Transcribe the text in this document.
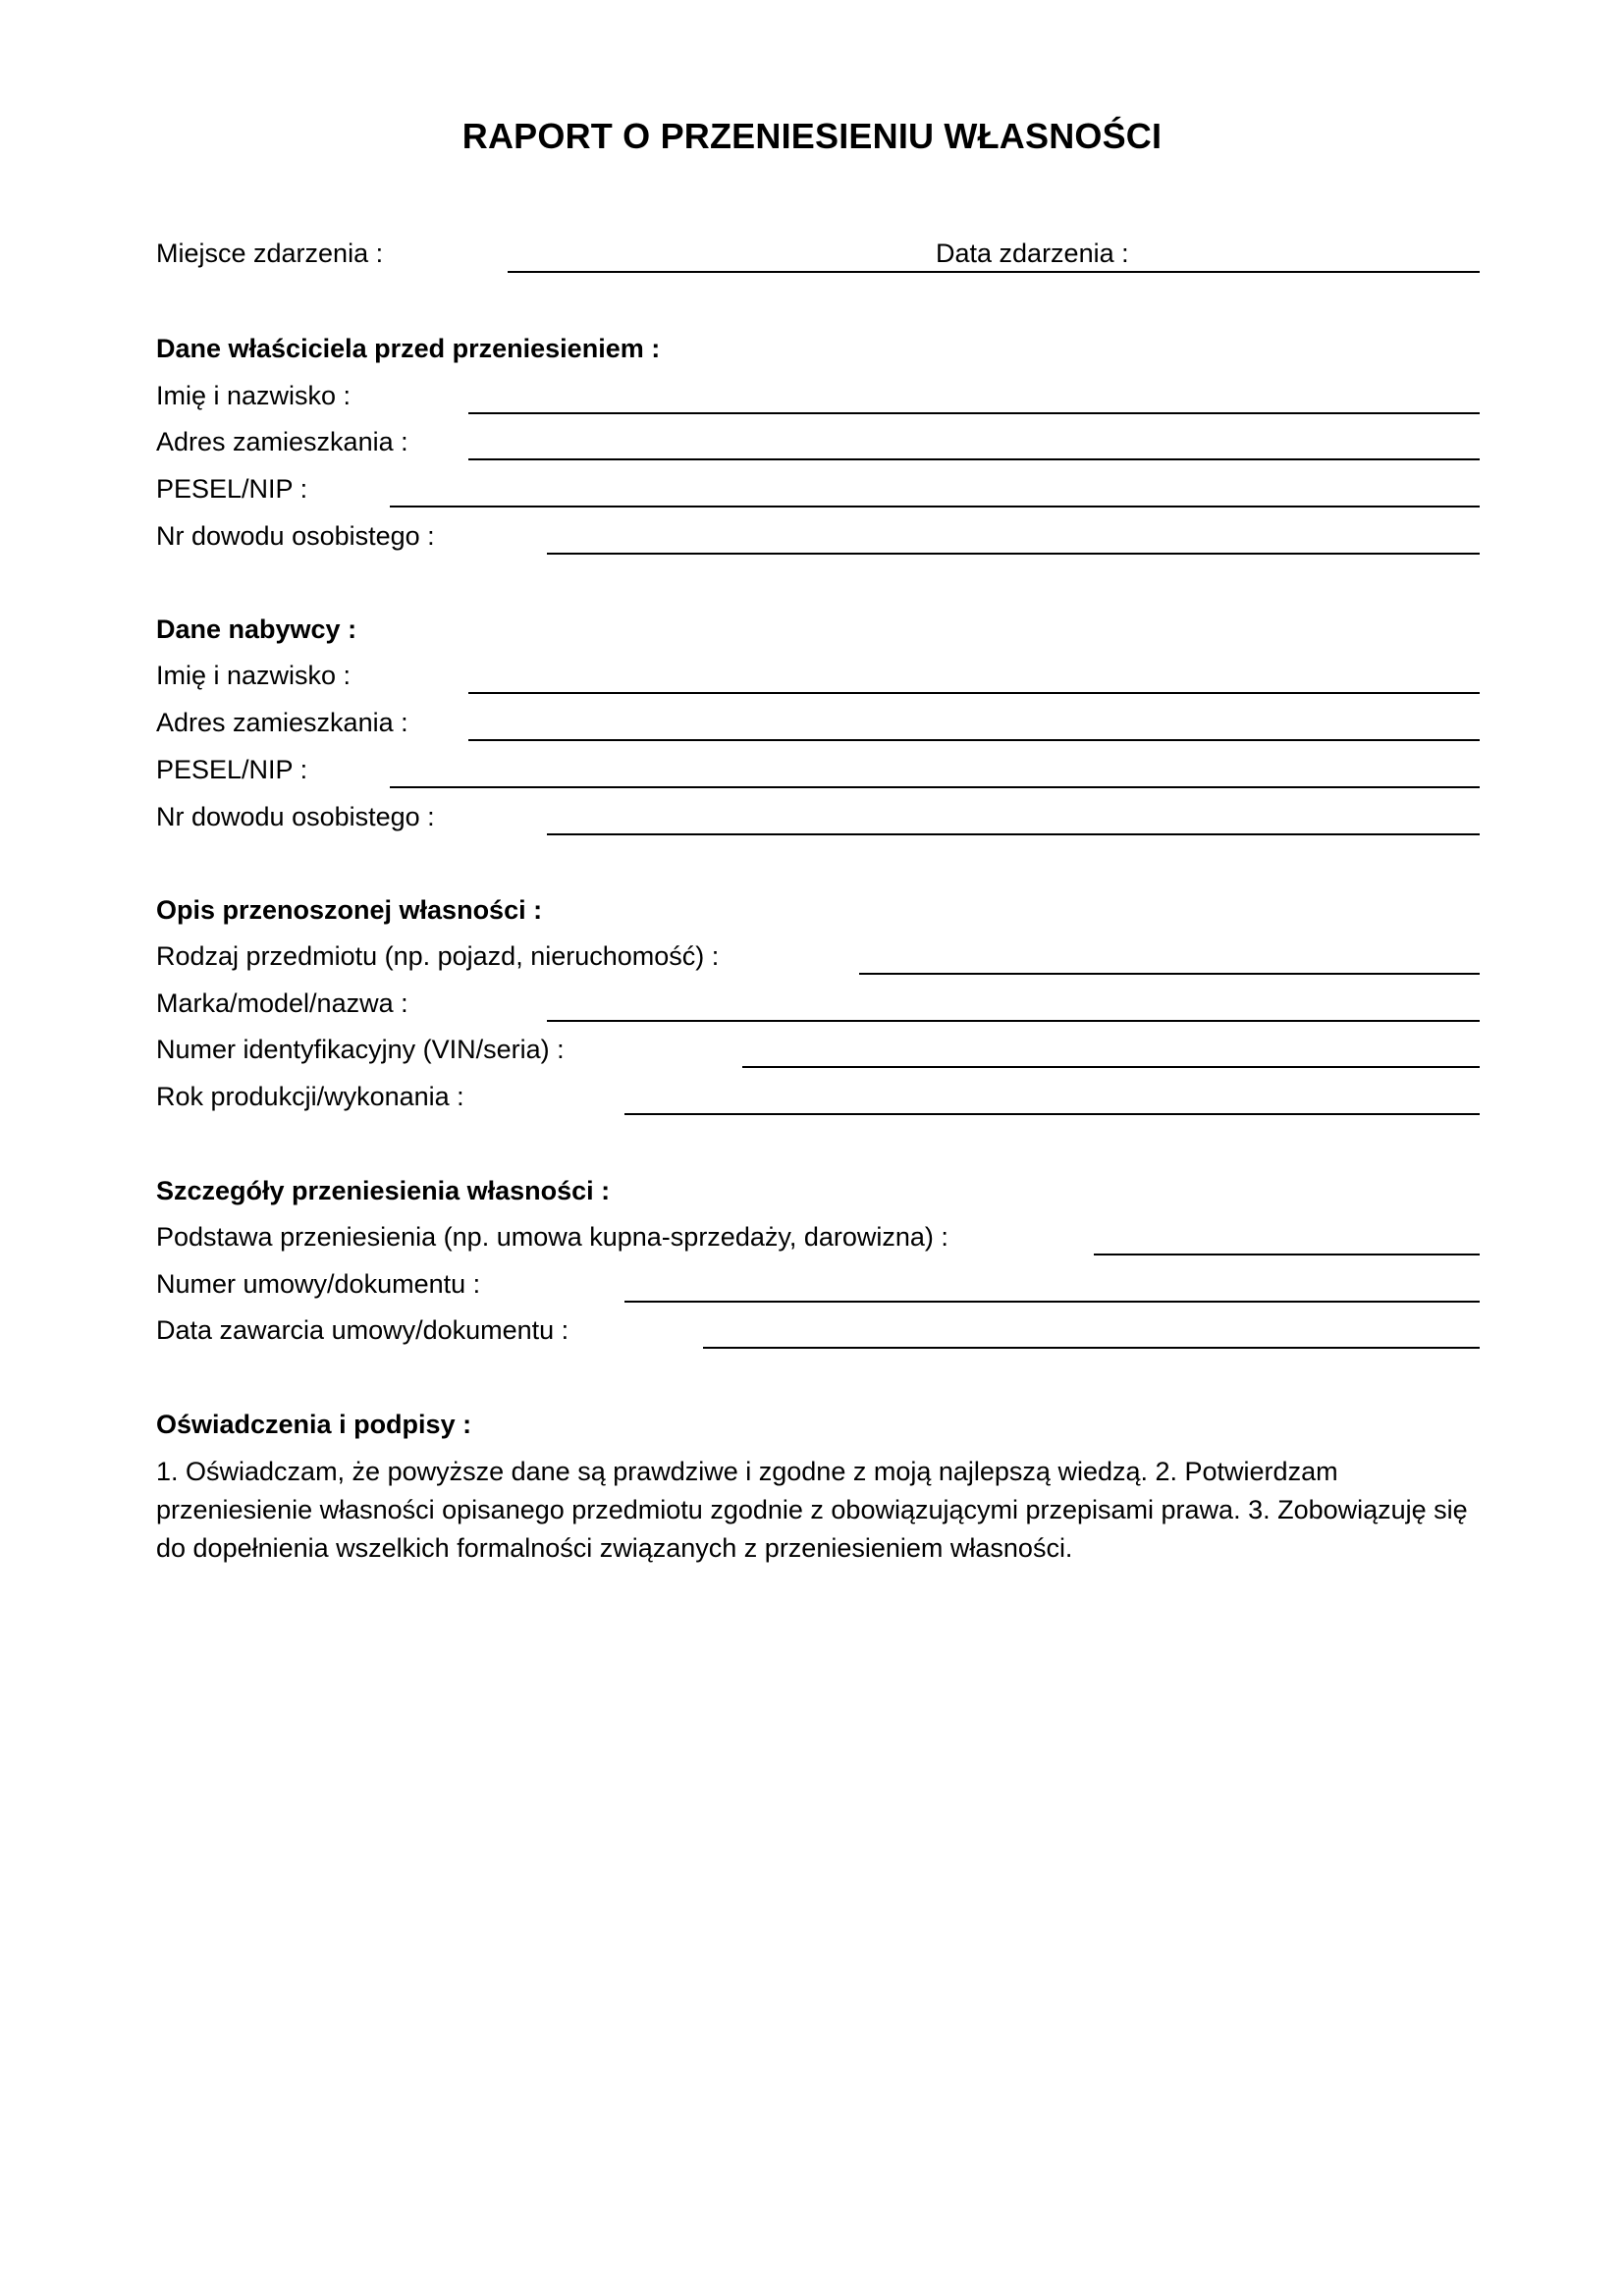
RAPORT O PRZENIESIENIU WŁASNOŚCI
Miejsce zdarzenia :	Data zdarzenia :
Dane właściciela przed przeniesieniem :
Imię i nazwisko :
Adres zamieszkania :
PESEL/NIP :
Nr dowodu osobistego :
Dane nabywcy :
Imię i nazwisko :
Adres zamieszkania :
PESEL/NIP :
Nr dowodu osobistego :
Opis przenoszonej własności :
Rodzaj przedmiotu (np. pojazd, nieruchomość) :
Marka/model/nazwa :
Numer identyfikacyjny (VIN/seria) :
Rok produkcji/wykonania :
Szczegóły przeniesienia własności :
Podstawa przeniesienia (np. umowa kupna-sprzedaży, darowizna) :
Numer umowy/dokumentu :
Data zawarcia umowy/dokumentu :
Oświadczenia i podpisy :
1. Oświadczam, że powyższe dane są prawdziwe i zgodne z moją najlepszą wiedzą. 2. Potwierdzam przeniesienie własności opisanego przedmiotu zgodnie z obowiązującymi przepisami prawa. 3. Zobowiązuję się do dopełnienia wszelkich formalności związanych z przeniesieniem własności.
